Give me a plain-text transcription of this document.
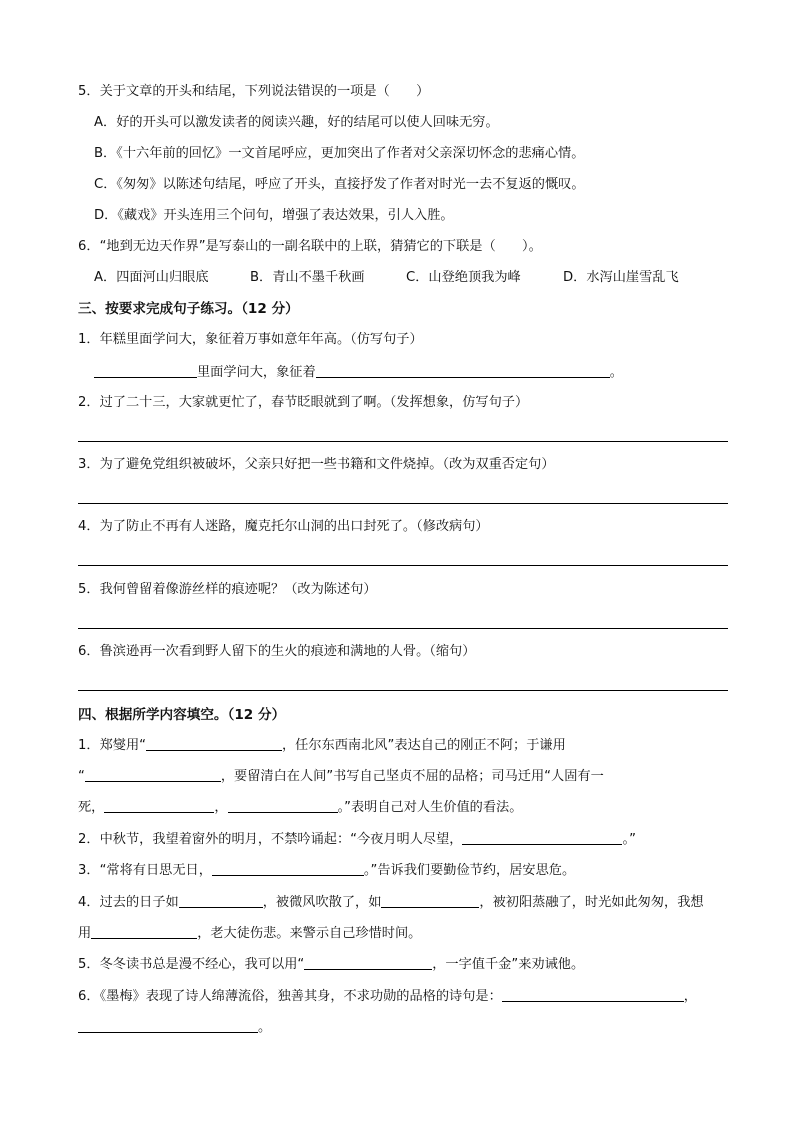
5．关于文章的开头和结尾，下列说法错误的一项是（　　）
A．好的开头可以激发读者的阅读兴趣，好的结尾可以使人回味无穷。
B．《十六年前的回忆》一文首尾呼应，更加突出了作者对父亲深切怀念的悲痛心情。
C．《匆匆》以陈述句结尾，呼应了开头，直接抒发了作者对时光一去不复返的慨叹。
D．《藏戏》开头连用三个问句，增强了表达效果，引人入胜。
6．“地到无边天作界”是写泰山的一副名联中的上联，猜猜它的下联是（　　）。
A．四面河山归眼底	B．青山不墨千秋画	C．山登绝顶我为峰	D．水泻山崖雪乱飞
三、按要求完成句子练习。（12 分）
1．年糕里面学问大，象征着万事如意年年高。（仿写句子）
里面学问大，象征着	。
2．过了二十三，大家就更忙了，春节眨眼就到了啊。（发挥想象，仿写句子）
3．为了避免党组织被破坏，父亲只好把一些书籍和文件烧掉。（改为双重否定句）
4．为了防止不再有人迷路，魔克托尔山洞的出口封死了。（修改病句）
5．我何曾留着像游丝样的痕迹呢？（改为陈述句）
6．鲁滨逊再一次看到野人留下的生火的痕迹和满地的人骨。（缩句）
四、根据所学内容填空。（12 分）
1．郑燮用“	，任尔东西南北风”表达自己的刚正不阿；于谦用
“	，要留清白在人间”书写自己坚贞不屈的品格；司马迁用“人固有一
死，	，	。”表明自己对人生价值的看法。
2．中秋节，我望着窗外的明月，不禁吟诵起：“今夜月明人尽望，	。”
3．“常将有日思无日，	。”告诉我们要勤俭节约，居安思危。
4．过去的日子如	，被微风吹散了，如	，被初阳蒸融了，时光如此匆匆，我想
用	，老大徒伤悲。来警示自己珍惜时间。
5．冬冬读书总是漫不经心，我可以用“	，一字值千金”来劝诫他。
6．《墨梅》表现了诗人绵薄流俗，独善其身，不求功勋的品格的诗句是：	，
。
